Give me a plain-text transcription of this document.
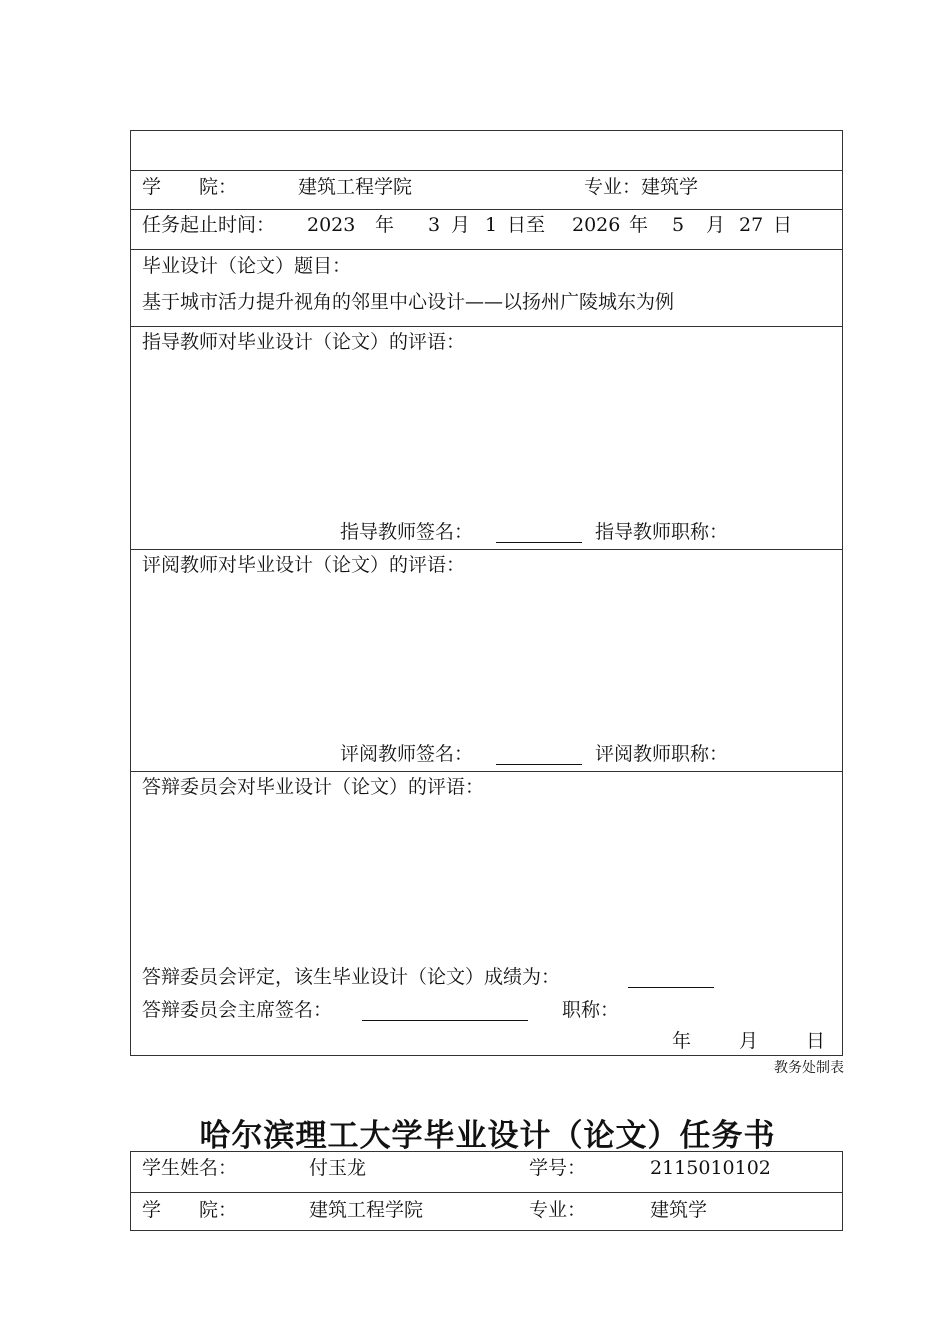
学　　院：	建筑工程学院	专业：建筑学
任务起止时间： 2023 年 3 月 1 日至 2026 年 5 月 27 日
毕业设计（论文）题目：
基于城市活力提升视角的邻里中心设计——以扬州广陵城东为例
指导教师对毕业设计（论文）的评语：
指导教师签名：	指导教师职称：
评阅教师对毕业设计（论文）的评语：
评阅教师签名：	评阅教师职称：
答辩委员会对毕业设计（论文）的评语：
答辩委员会评定，该生毕业设计（论文）成绩为：
答辩委员会主席签名：	职称：
年	月	日
教务处制表
哈尔滨理工大学毕业设计（论文）任务书
学生姓名：	付玉龙	学号：	2115010102
学　　院：	建筑工程学院	专业：	建筑学
